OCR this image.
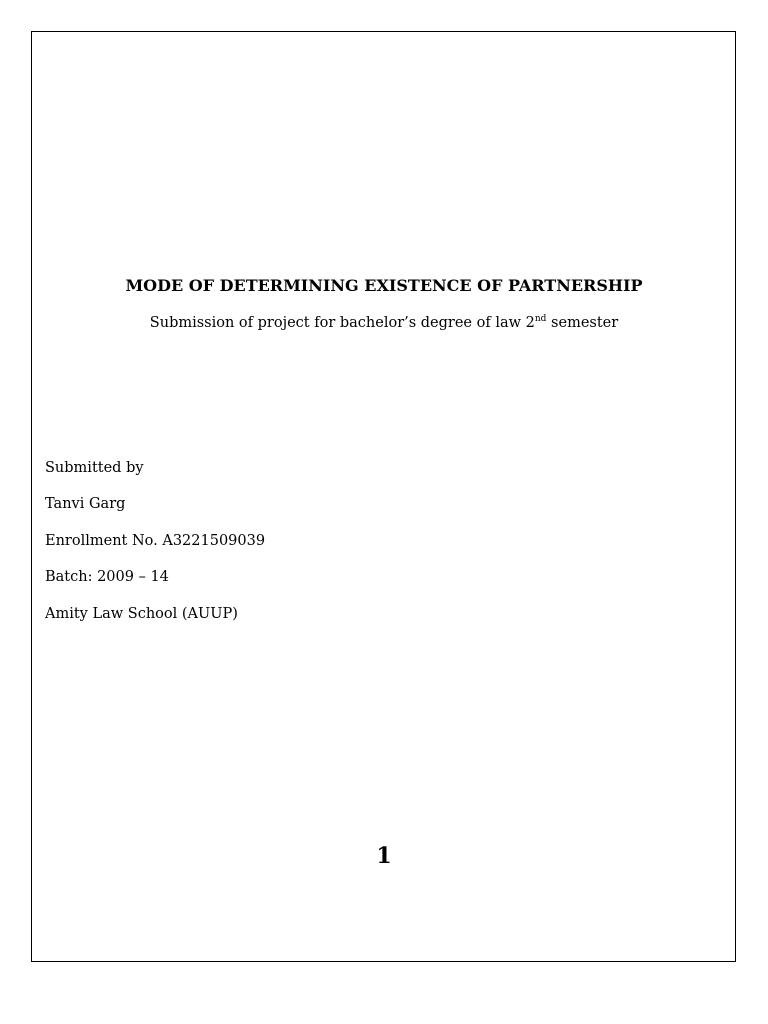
MODE OF DETERMINING EXISTENCE OF PARTNERSHIP

Submission of project for bachelor’s degree of law 2nd semester

Submitted by

Tanvi Garg

Enrollment No. A3221509039

Batch: 2009 – 14

Amity Law School (AUUP)

1
